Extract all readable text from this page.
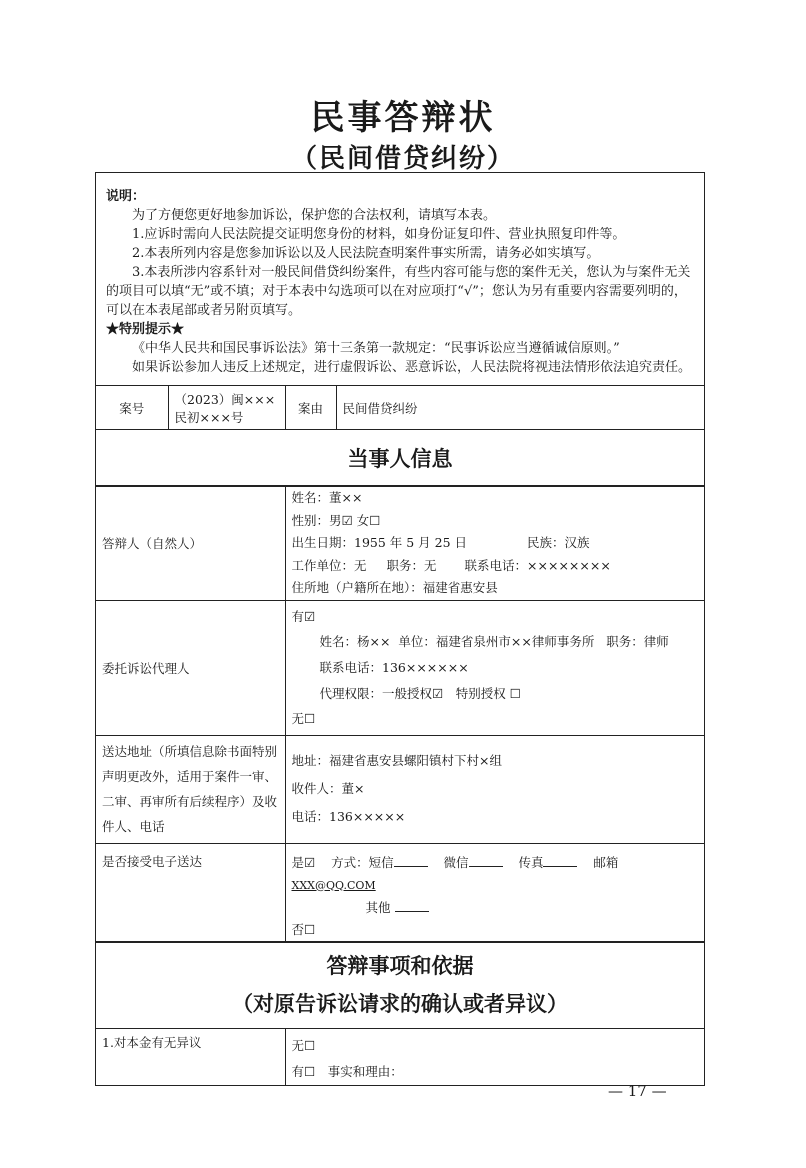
民事答辩状
（民间借贷纠纷）

说明：

为了方便您更好地参加诉讼，保护您的合法权利，请填写本表。

1.应诉时需向人民法院提交证明您身份的材料，如身份证复印件、营业执照复印件等。

2.本表所列内容是您参加诉讼以及人民法院查明案件事实所需，请务必如实填写。

3.本表所涉内容系针对一般民间借贷纠纷案件，有些内容可能与您的案件无关，您认为与案件无关的项目可以填“无”或不填；对于本表中勾选项可以在对应项打“√”；您认为另有重要内容需要列明的，可以在本表尾部或者另附页填写。

★特别提示★

《中华人民共和国民事诉讼法》第十三条第一款规定：“民事诉讼应当遵循诚信原则。”

如果诉讼参加人违反上述规定，进行虚假诉讼、恶意诉讼，人民法院将视违法情形依法追究责任。

案号	（2023）闽×××民初×××号	案由	民间借贷纠纷
当事人信息
答辩人（自然人）	姓名：董××
性别：男☑ 女☐
出生日期：1955 年 5 月 25 日 民族：汉族
工作单位：无 职务：无 联系电话：××××××××
住所地（户籍所在地）：福建省惠安县

委托诉讼代理人	有☑
姓名：杨×× 单位：福建省泉州市××律师事务所 职务：律师
联系电话：136××××××
代理权限：一般授权☑　特别授权 ☐
无☐

送达地址（所填信息除书面特别声明更改外，适用于案件一审、二审、再审所有后续程序）及收件人、电话	地址：福建省惠安县螺阳镇村下村×组
收件人：董×
电话：136×××××

是否接受电子送达	是☑ 方式：短信 微信 传真 邮箱 XXX@QQ.COM
其他
否☐
答辩事项和依据
（对原告诉讼请求的确认或者异议）

1.对本金有无异议	无☐
有☐　事实和理由：
— 17 —
